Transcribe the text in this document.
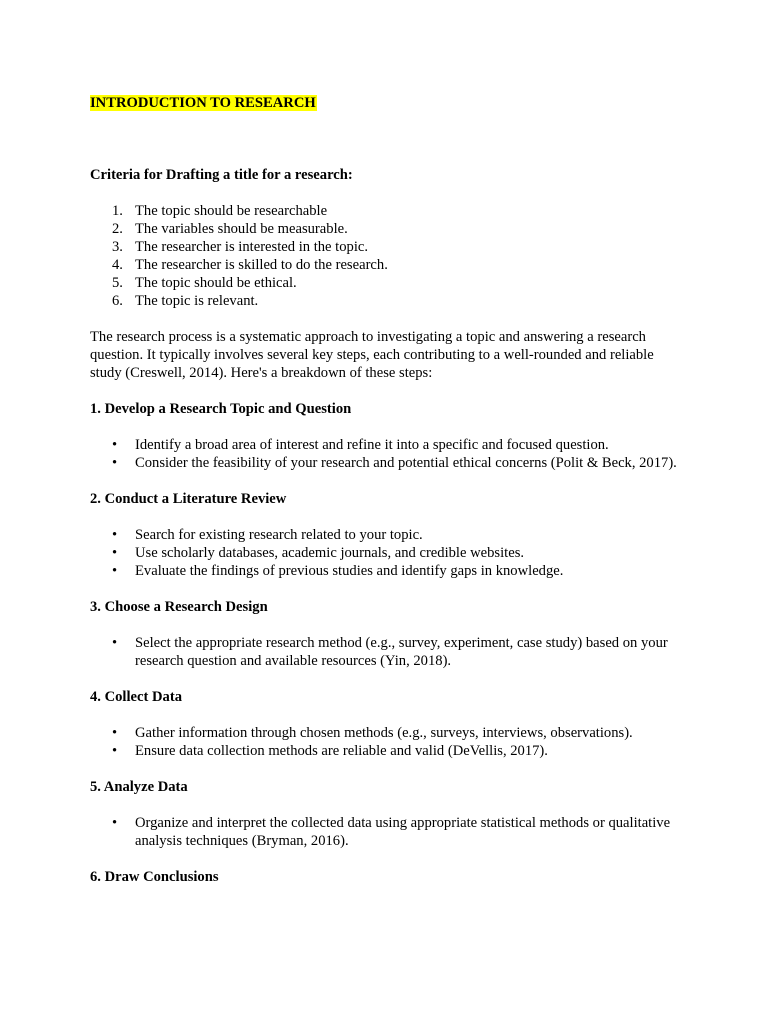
INTRODUCTION TO RESEARCH

Criteria for Drafting a title for a research:

1. The topic should be researchable
2. The variables should be measurable.
3. The researcher is interested in the topic.
4. The researcher is skilled to do the research.
5. The topic should be ethical.
6. The topic is relevant.

The research process is a systematic approach to investigating a topic and answering a research question. It typically involves several key steps, each contributing to a well-rounded and reliable study (Creswell, 2014). Here's a breakdown of these steps:

1. Develop a Research Topic and Question

• Identify a broad area of interest and refine it into a specific and focused question.
• Consider the feasibility of your research and potential ethical concerns (Polit & Beck, 2017).

2. Conduct a Literature Review

• Search for existing research related to your topic.
• Use scholarly databases, academic journals, and credible websites.
• Evaluate the findings of previous studies and identify gaps in knowledge.

3. Choose a Research Design

• Select the appropriate research method (e.g., survey, experiment, case study) based on your research question and available resources (Yin, 2018).

4. Collect Data

• Gather information through chosen methods (e.g., surveys, interviews, observations).
• Ensure data collection methods are reliable and valid (DeVellis, 2017).

5. Analyze Data

• Organize and interpret the collected data using appropriate statistical methods or qualitative analysis techniques (Bryman, 2016).

6. Draw Conclusions
